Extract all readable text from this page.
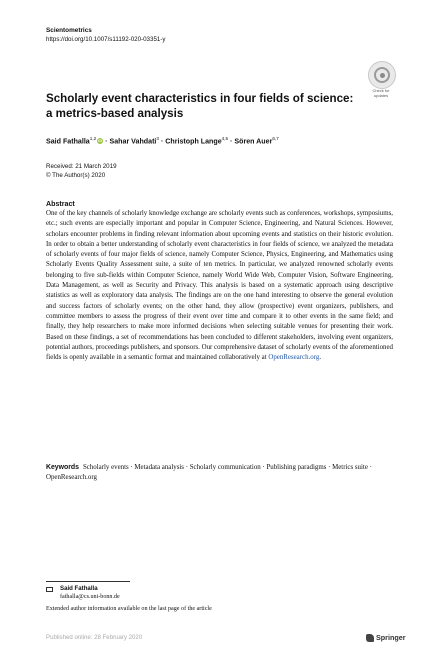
Scientometrics
https://doi.org/10.1007/s11192-020-03351-y
Check for
updates
Scholarly event characteristics in four fields of science: a metrics-based analysis
Said Fathalla$^{1,2}$ iD · Sahar Vahdati$^3$ · Christoph Lange$^{4,5}$ · Sören Auer$^{6,7}$
Received: 21 March 2019
© The Author(s) 2020
Abstract
One of the key channels of scholarly knowledge exchange are scholarly events such as conferences, workshops, symposiums, etc.; such events are especially important and popular in Computer Science, Engineering, and Natural Sciences. However, scholars encounter problems in finding relevant information about upcoming events and statistics on their historic evolution. In order to obtain a better understanding of scholarly event characteristics in four fields of science, we analyzed the metadata of scholarly events of four major fields of science, namely Computer Science, Physics, Engineering, and Mathematics using Scholarly Events Quality Assessment suite, a suite of ten metrics. In particular, we analyzed renowned scholarly events belonging to five sub-fields within Computer Science, namely World Wide Web, Computer Vision, Software Engineering, Data Management, as well as Security and Privacy. This analysis is based on a systematic approach using descriptive statistics as well as exploratory data analysis. The findings are on the one hand interesting to observe the general evolution and success factors of scholarly events; on the other hand, they allow (prospective) event organizers, publishers, and committee members to assess the progress of their event over time and compare it to other events in the same field; and finally, they help researchers to make more informed decisions when selecting suitable venues for presenting their work. Based on these findings, a set of recommendations has been concluded to different stakeholders, involving event organizers, potential authors, proceedings publishers, and sponsors. Our comprehensive dataset of scholarly events of the aforementioned fields is openly available in a semantic format and maintained collaboratively at OpenResearch.org.
Keywords Scholarly events · Metadata analysis · Scholarly communication · Publishing paradigms · Metrics suite · OpenResearch.org
Said Fathalla
fathalla@cs.uni-bonn.de
Extended author information available on the last page of the article
Published online: 28 February 2020	Springer
